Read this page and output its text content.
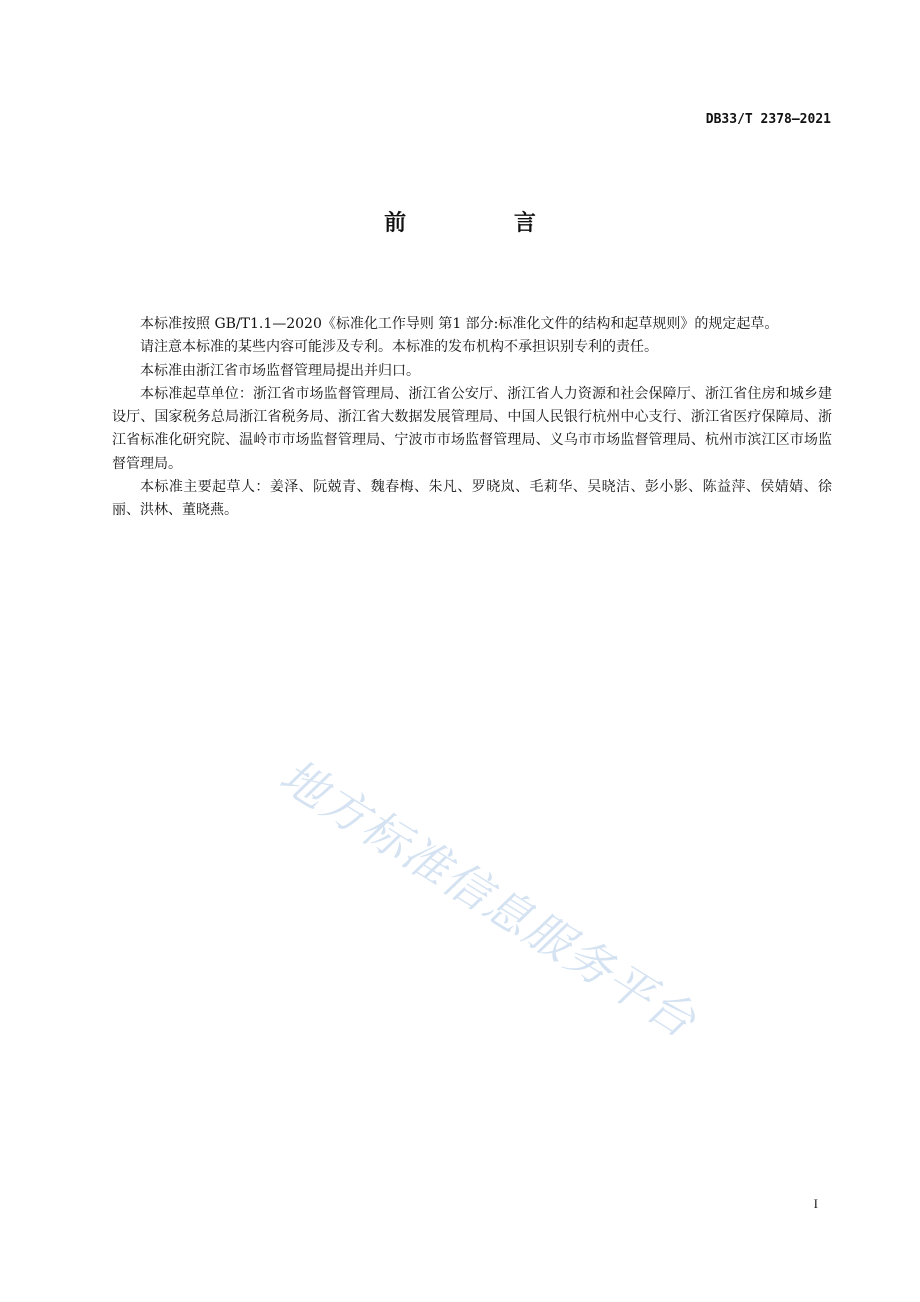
DB33/T 2378—2021
前 言

本标准按照 GB/T1.1—2020《标准化工作导则 第1 部分:标准化文件的结构和起草规则》的规定起草。

请注意本标准的某些内容可能涉及专利。本标准的发布机构不承担识别专利的责任。

本标准由浙江省市场监督管理局提出并归口。

本标准起草单位：浙江省市场监督管理局、浙江省公安厅、浙江省人力资源和社会保障厅、浙江省住房和城乡建设厅、国家税务总局浙江省税务局、浙江省大数据发展管理局、中国人民银行杭州中心支行、浙江省医疗保障局、浙江省标准化研究院、温岭市市场监督管理局、宁波市市场监督管理局、义乌市市场监督管理局、杭州市滨江区市场监督管理局。

本标准主要起草人：姜泽、阮兢青、魏春梅、朱凡、罗晓岚、毛莉华、吴晓洁、彭小影、陈益萍、侯婧婧、徐丽、洪林、董晓燕。

地方标准信息服务平台
I
